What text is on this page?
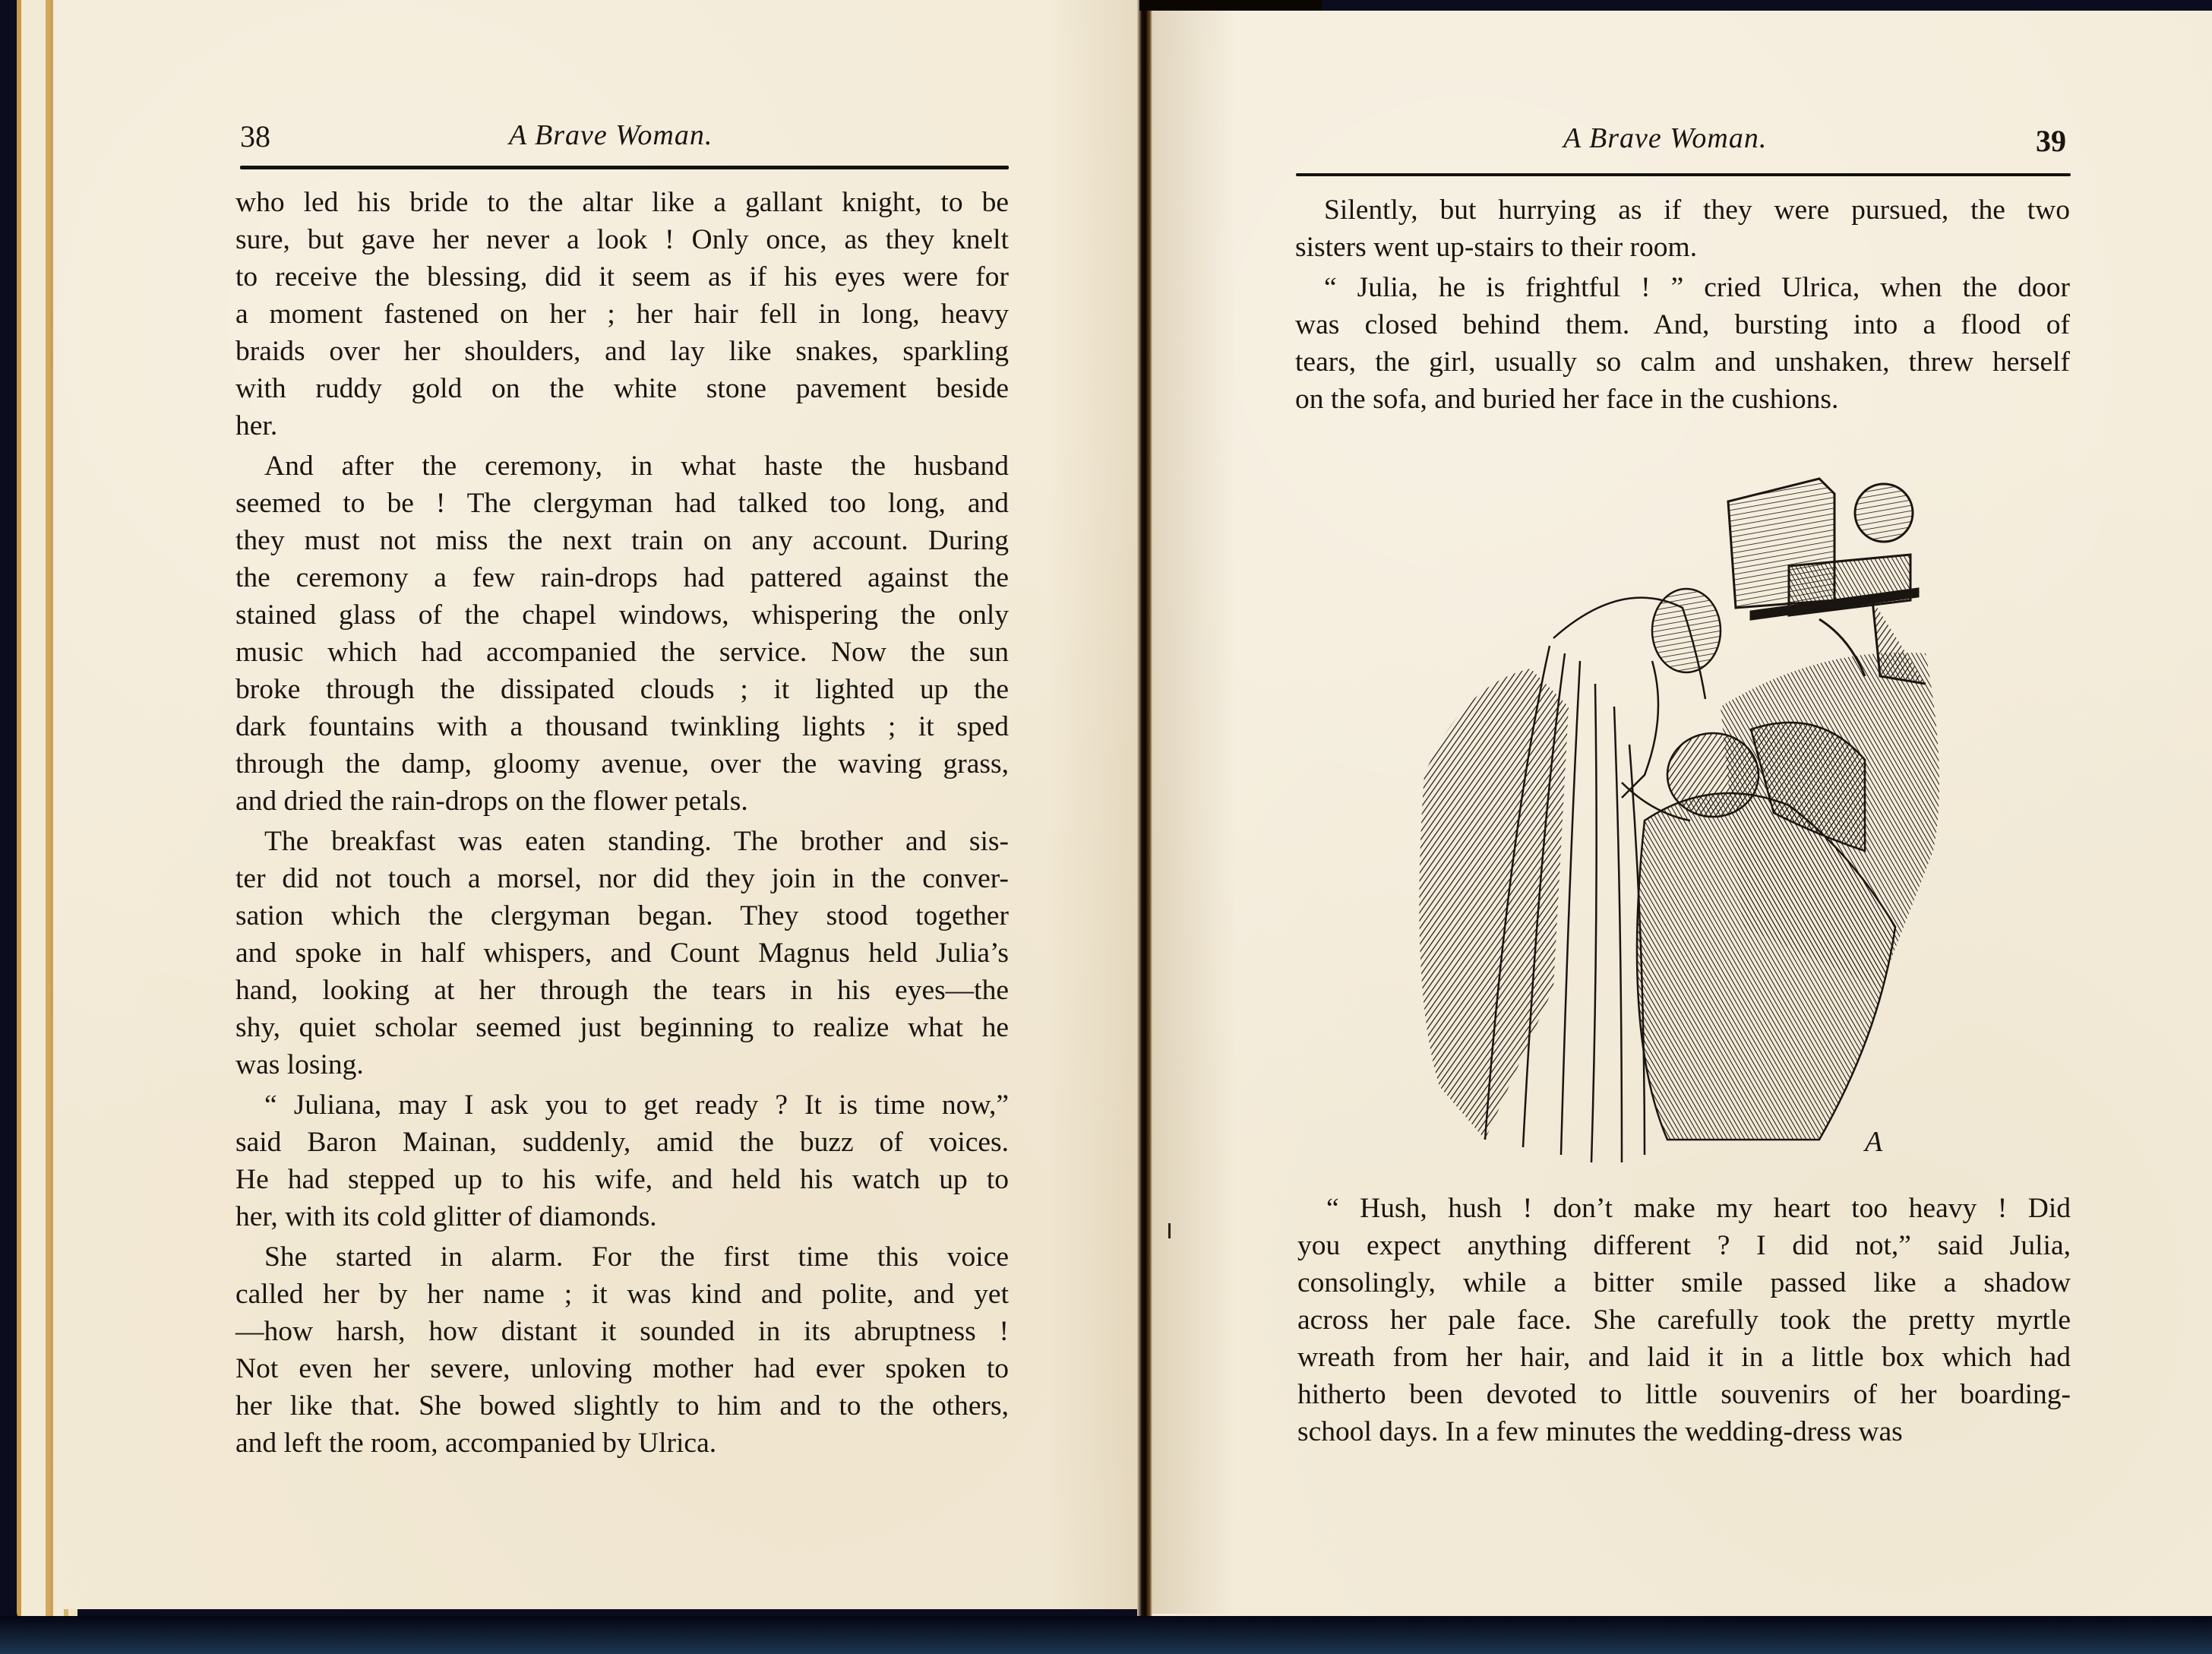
38	A Brave Woman.
who led his bride to the altar like a gallant knight, to be
sure, but gave her never a look ! Only once, as they knelt
to receive the blessing, did it seem as if his eyes were for
a moment fastened on her ; her hair fell in long, heavy
braids over her shoulders, and lay like snakes, sparkling
with ruddy gold on the white stone pavement beside
her.
And after the ceremony, in what haste the husband
seemed to be ! The clergyman had talked too long, and
they must not miss the next train on any account. During
the ceremony a few rain-drops had pattered against the
stained glass of the chapel windows, whispering the only
music which had accompanied the service. Now the sun
broke through the dissipated clouds ; it lighted up the
dark fountains with a thousand twinkling lights ; it sped
through the damp, gloomy avenue, over the waving grass,
and dried the rain-drops on the flower petals.
The breakfast was eaten standing. The brother and sis-
ter did not touch a morsel, nor did they join in the conver-
sation which the clergyman began. They stood together
and spoke in half whispers, and Count Magnus held Julia’s
hand, looking at her through the tears in his eyes—the
shy, quiet scholar seemed just beginning to realize what he
was losing.
“ Juliana, may I ask you to get ready ? It is time now,”
said Baron Mainan, suddenly, amid the buzz of voices.
He had stepped up to his wife, and held his watch up to
her, with its cold glitter of diamonds.
She started in alarm. For the first time this voice
called her by her name ; it was kind and polite, and yet
—how harsh, how distant it sounded in its abruptness !
Not even her severe, unloving mother had ever spoken to
her like that. She bowed slightly to him and to the others,
and left the room, accompanied by Ulrica.
A Brave Woman.	39
Silently, but hurrying as if they were pursued, the two
sisters went up-stairs to their room.
“ Julia, he is frightful ! ” cried Ulrica, when the door
was closed behind them. And, bursting into a flood of
tears, the girl, usually so calm and unshaken, threw herself
on the sofa, and buried her face in the cushions.
A
“ Hush, hush ! don’t make my heart too heavy ! Did
you expect anything different ? I did not,” said Julia,
consolingly, while a bitter smile passed like a shadow
across her pale face. She carefully took the pretty myrtle
wreath from her hair, and laid it in a little box which had
hitherto been devoted to little souvenirs of her boarding-
school days. In a few minutes the wedding-dress was
